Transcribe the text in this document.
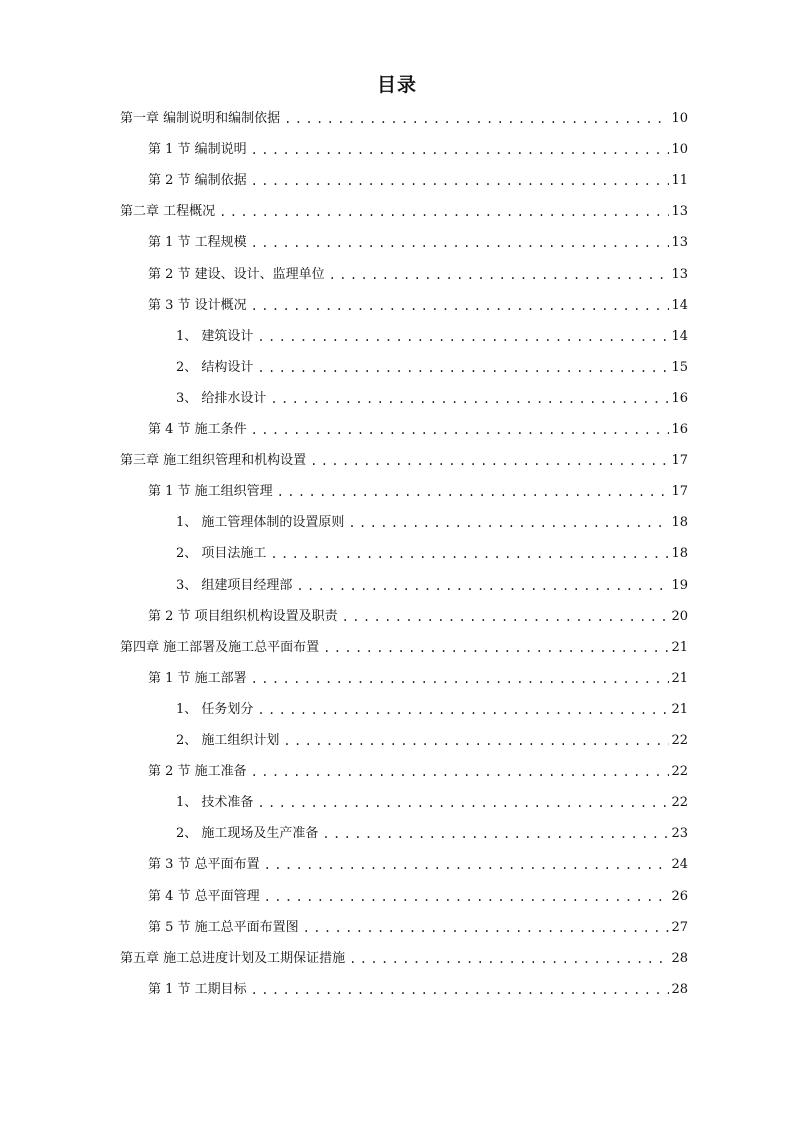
目录
第一章 编制说明和编制依据 .....	10
第 1 节 编制说明 .....	10
第 2 节 编制依据 .....	11
第二章 工程概况 .....	13
第 1 节 工程规模 .....	13
第 2 节 建设、设计、监理单位 .....	13
第 3 节 设计概况 .....	14
1、 建筑设计 .....	14
2、 结构设计 .....	15
3、 给排水设计 .....	16
第 4 节 施工条件 .....	16
第三章 施工组织管理和机构设置 .....	17
第 1 节 施工组织管理 .....	17
1、 施工管理体制的设置原则 .....	18
2、 项目法施工 .....	18
3、 组建项目经理部 .....	19
第 2 节 项目组织机构设置及职责 .....	20
第四章 施工部署及施工总平面布置 .....	21
第 1 节 施工部署 .....	21
1、 任务划分 .....	21
2、 施工组织计划 .....	22
第 2 节 施工准备 .....	22
1、 技术准备 .....	22
2、 施工现场及生产准备 .....	23
第 3 节 总平面布置 .....	24
第 4 节 总平面管理 .....	26
第 5 节 施工总平面布置图 .....	27
第五章 施工总进度计划及工期保证措施 .....	28
第 1 节 工期目标 .....	28
